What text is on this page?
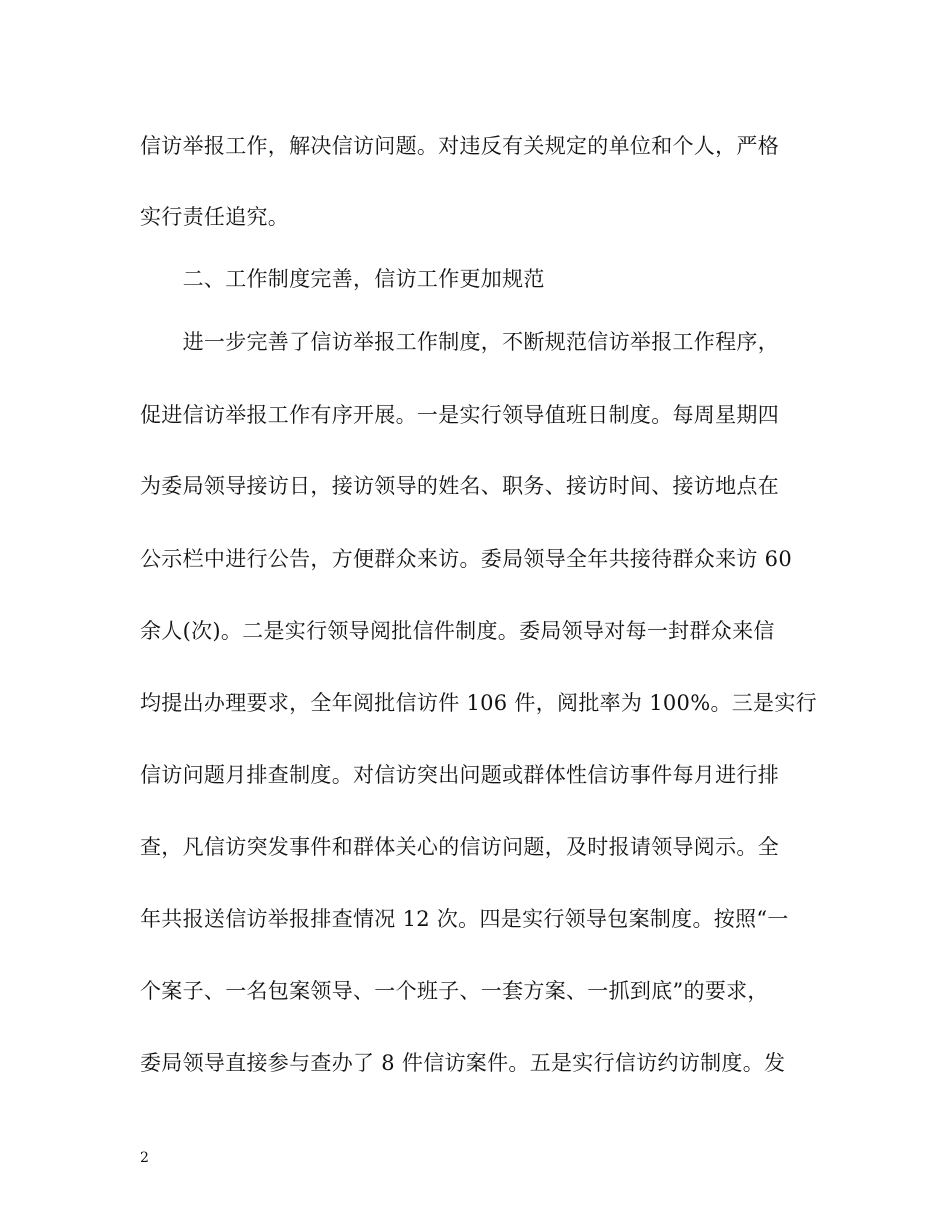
信访举报工作，解决信访问题。对违反有关规定的单位和个人，严格
实行责任追究。
　　二、工作制度完善，信访工作更加规范
　　进一步完善了信访举报工作制度，不断规范信访举报工作程序，
促进信访举报工作有序开展。一是实行领导值班日制度。每周星期四
为委局领导接访日，接访领导的姓名、职务、接访时间、接访地点在
公示栏中进行公告，方便群众来访。委局领导全年共接待群众来访 60
余人(次)。二是实行领导阅批信件制度。委局领导对每一封群众来信
均提出办理要求，全年阅批信访件 106 件，阅批率为 100%。三是实行
信访问题月排查制度。对信访突出问题或群体性信访事件每月进行排
查，凡信访突发事件和群体关心的信访问题，及时报请领导阅示。全
年共报送信访举报排查情况 12 次。四是实行领导包案制度。按照“一
个案子、一名包案领导、一个班子、一套方案、一抓到底”的要求，
委局领导直接参与查办了 8 件信访案件。五是实行信访约访制度。发
2
